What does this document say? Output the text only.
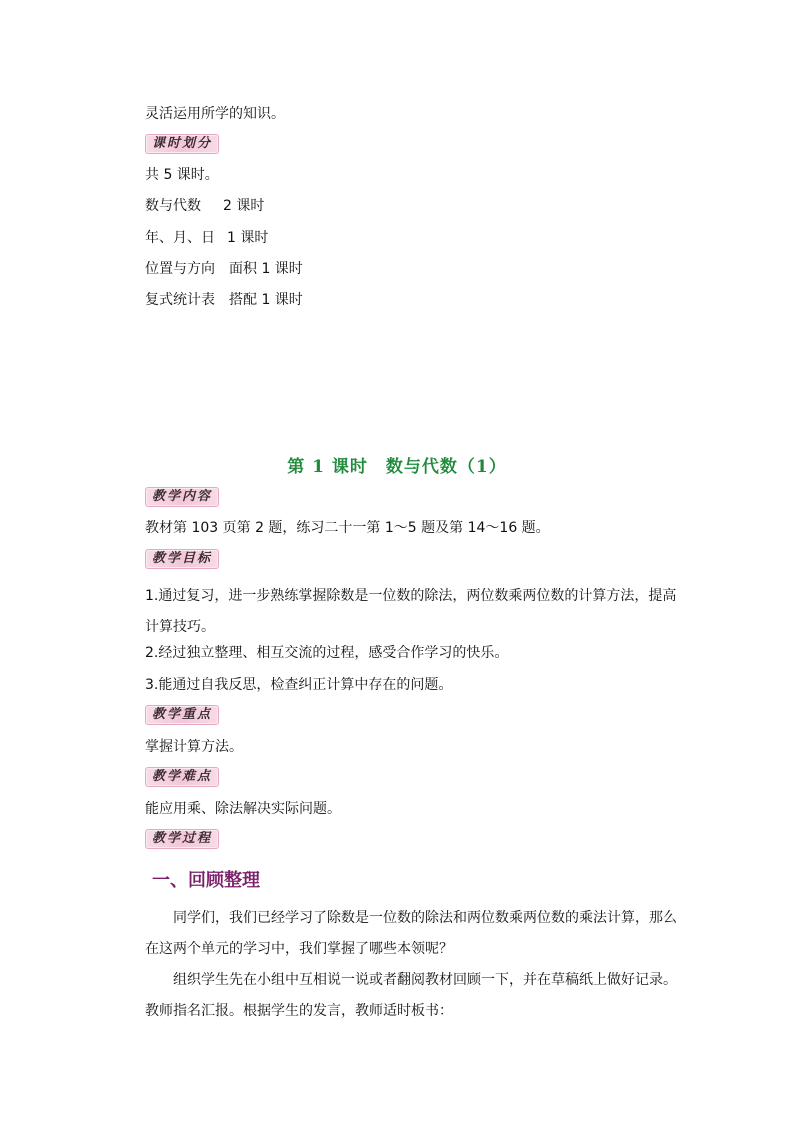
灵活运用所学的知识。
课时划分
共 5 课时。
数与代数 2 课时
年、月、日 1 课时
位置与方向 面积 1 课时
复式统计表 搭配 1 课时
第 1 课时　数与代数（1）
教学内容
教材第 103 页第 2 题，练习二十一第 1～5 题及第 14～16 题。
教学目标
1.通过复习，进一步熟练掌握除数是一位数的除法，两位数乘两位数的计算方法，提高计算技巧。
2.经过独立整理、相互交流的过程，感受合作学习的快乐。
3.能通过自我反思，检查纠正计算中存在的问题。
教学重点
掌握计算方法。
教学难点
能应用乘、除法解决实际问题。
教学过程
一、回顾整理
同学们，我们已经学习了除数是一位数的除法和两位数乘两位数的乘法计算，那么在这两个单元的学习中，我们掌握了哪些本领呢？
组织学生先在小组中互相说一说或者翻阅教材回顾一下，并在草稿纸上做好记录。教师指名汇报。根据学生的发言，教师适时板书：
